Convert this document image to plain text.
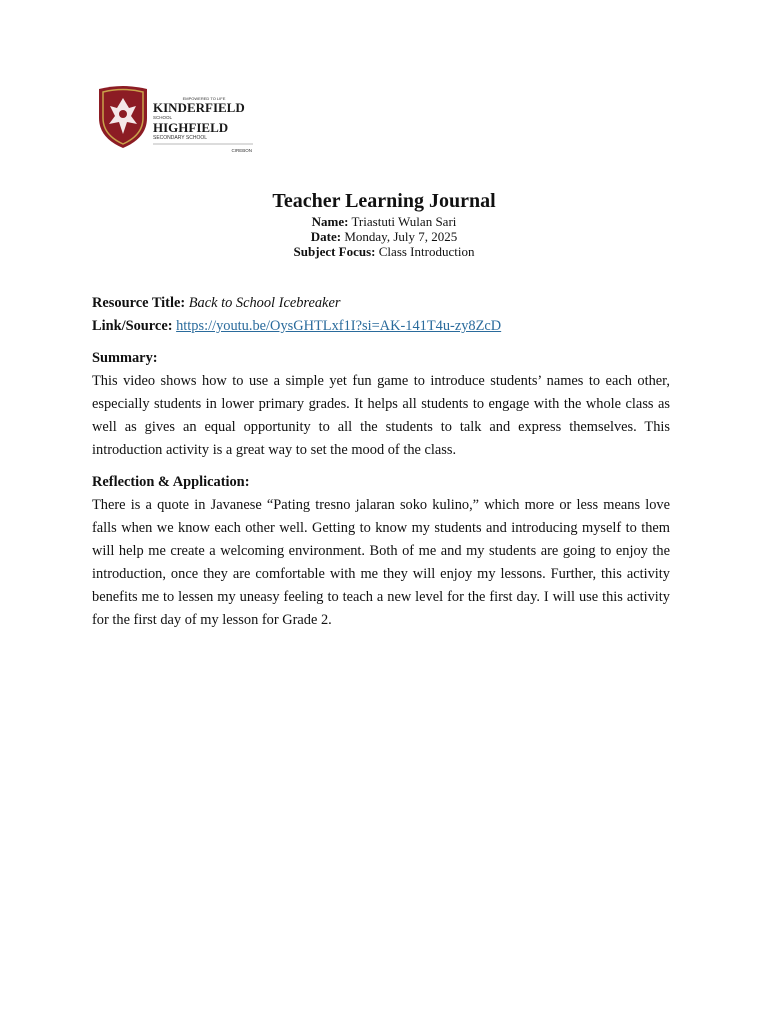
EMPOWERED TO LIFE
KINDERFIELD
SCHOOL
HIGHFIELD
SECONDARY SCHOOL
CIREBON
Teacher Learning Journal
Name: Triastuti Wulan Sari
Date: Monday, July 7, 2025
Subject Focus: Class Introduction
Resource Title: Back to School Icebreaker
Link/Source: https://youtu.be/OysGHTLxf1I?si=AK-141T4u-zy8ZcD
Summary:

This video shows how to use a simple yet fun game to introduce students’ names to each other, especially students in lower primary grades. It helps all students to engage with the whole class as well as gives an equal opportunity to all the students to talk and express themselves. This introduction activity is a great way to set the mood of the class.

Reflection & Application:

There is a quote in Javanese “Pating tresno jalaran soko kulino,” which more or less means love falls when we know each other well. Getting to know my students and introducing myself to them will help me create a welcoming environment. Both of me and my students are going to enjoy the introduction, once they are comfortable with me they will enjoy my lessons. Further, this activity benefits me to lessen my uneasy feeling to teach a new level for the first day. I will use this activity for the first day of my lesson for Grade 2.
